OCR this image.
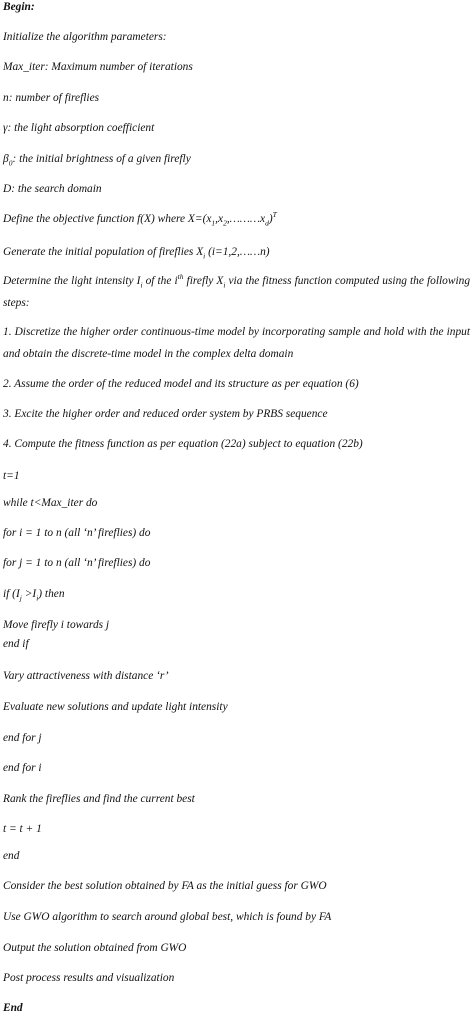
Begin:
Initialize the algorithm parameters:
Max_iter: Maximum number of iterations
n: number of fireflies
γ: the light absorption coefficient
$\beta_0$: the initial brightness of a given firefly
D: the search domain
Define the objective function f(X) where $X=(x_1,x_2,\dots\dots\dots x_d)^T$
Generate the initial population of fireflies $X_i$ (i=1,2,……n)
Determine the light intensity $I_i$ of the $i^{th}$ firefly $X_i$ via the fitness function computed using the following steps:
1. Discretize the higher order continuous-time model by incorporating sample and hold with the input and obtain the discrete-time model in the complex delta domain
2. Assume the order of the reduced model and its structure as per equation (6)
3. Excite the higher order and reduced order system by PRBS sequence
4. Compute the fitness function as per equation (22a) subject to equation (22b)
t=1
while t<Max_iter do
for i = 1 to n (all ‘n’ fireflies) do
for j = 1 to n (all ‘n’ fireflies) do
if $(I_j >I_i)$ then
Move firefly i towards j
end if
Vary attractiveness with distance ‘r’
Evaluate new solutions and update light intensity
end for j
end for i
Rank the fireflies and find the current best
t = t + 1
end
Consider the best solution obtained by FA as the initial guess for GWO
Use GWO algorithm to search around global best, which is found by FA
Output the solution obtained from GWO
Post process results and visualization
End
